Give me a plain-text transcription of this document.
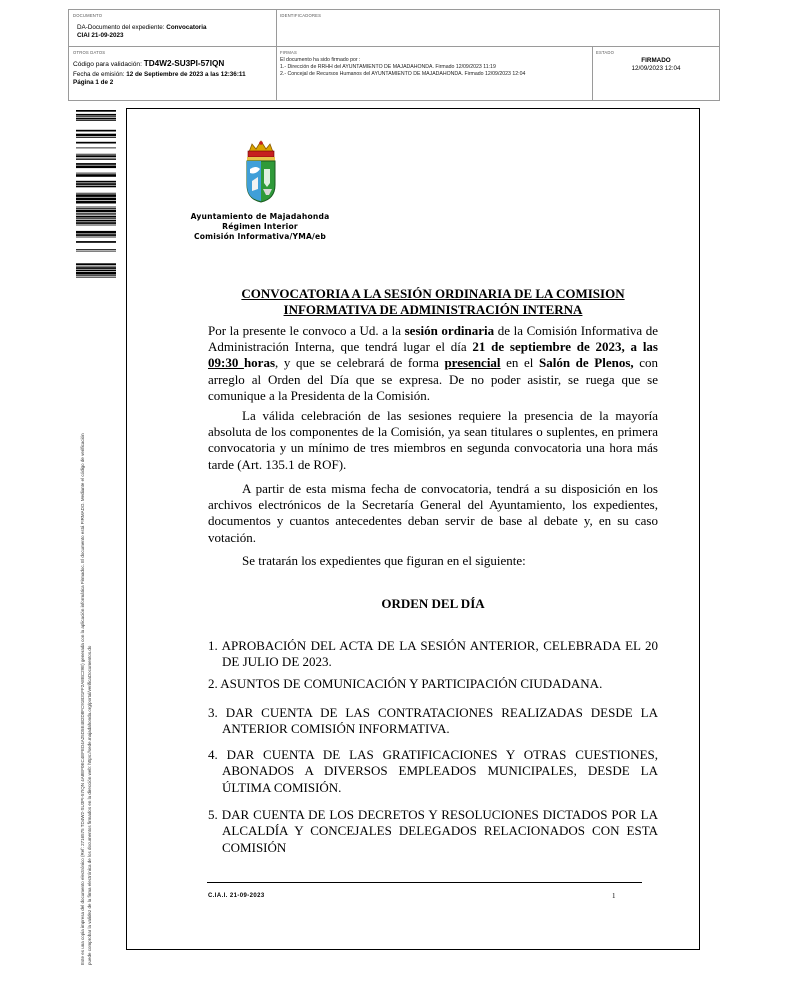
DOCUMENTO	IDENTIFICADORES
DA-Documento del expediente: Convocatoria
CIAI 21-09-2023
OTROS DATOS
Código para validación: TD4W2-SU3PI-57IQN
Fecha de emisión: 12 de Septiembre de 2023 a las 12:36:11
Página 1 de 2
FIRMAS
El documento ha sido firmado por :
1.- Dirección de RRHH del AYUNTAMIENTO DE MAJADAHONDA. Firmado 12/09/2023 11:19
2.- Concejal de Recursos Humanos del AYUNTAMIENTO DE MAJADAHONDA. Firmado 12/09/2023 12:04
ESTADO
FIRMADO
12/09/2023 12:04
Este es una copia impresa del documento electrónico (Ref: 2716575 TD4W2-SU3PI-57IQN 4A8EF0EC4EFED4A25D5E4B2D8FC91B31FF2A8BC29E) generada con la aplicación informática Firmadoc. El documento está FIRMADO. Mediante el código de verificación puede comprobar la validez de la firma electrónica de los documentos firmados en la dirección web: https://sede.majadahonda.org/portal/verificaDocumentos.do
Ayuntamiento de Majadahonda
Régimen Interior
Comisión Informativa/YMA/eb
CONVOCATORIA A LA SESIÓN ORDINARIA DE LA COMISION
INFORMATIVA DE ADMINISTRACIÓN INTERNA
Por la presente le convoco a Ud. a la sesión ordinaria de la Comisión Informativa de Administración Interna, que tendrá lugar el día 21 de septiembre de 2023, a las 09:30 horas, y que se celebrará de forma presencial en el Salón de Plenos, con arreglo al Orden del Día que se expresa. De no poder asistir, se ruega que se comunique a la Presidenta de la Comisión.
La válida celebración de las sesiones requiere la presencia de la mayoría absoluta de los componentes de la Comisión, ya sean titulares o suplentes, en primera convocatoria y un mínimo de tres miembros en segunda convocatoria una hora más tarde (Art. 135.1 de ROF).
A partir de esta misma fecha de convocatoria, tendrá a su disposición en los archivos electrónicos de la Secretaría General del Ayuntamiento, los expedientes, documentos y cuantos antecedentes deban servir de base al debate y, en su caso votación.
Se tratarán los expedientes que figuran en el siguiente:
ORDEN DEL DÍA
1. APROBACIÓN DEL ACTA DE LA SESIÓN ANTERIOR, CELEBRADA EL 20 DE JULIO DE 2023.
2. ASUNTOS DE COMUNICACIÓN Y PARTICIPACIÓN CIUDADANA.
3. DAR CUENTA DE LAS CONTRATACIONES REALIZADAS DESDE LA ANTERIOR COMISIÓN INFORMATIVA.
4. DAR CUENTA DE LAS GRATIFICACIONES Y OTRAS CUESTIONES, ABONADOS A DIVERSOS EMPLEADOS MUNICIPALES, DESDE LA ÚLTIMA COMISIÓN.
5. DAR CUENTA DE LOS DECRETOS Y RESOLUCIONES DICTADOS POR LA ALCALDÍA Y CONCEJALES DELEGADOS RELACIONADOS CON ESTA COMISIÓN
C.IA.I. 21-09-2023	1
